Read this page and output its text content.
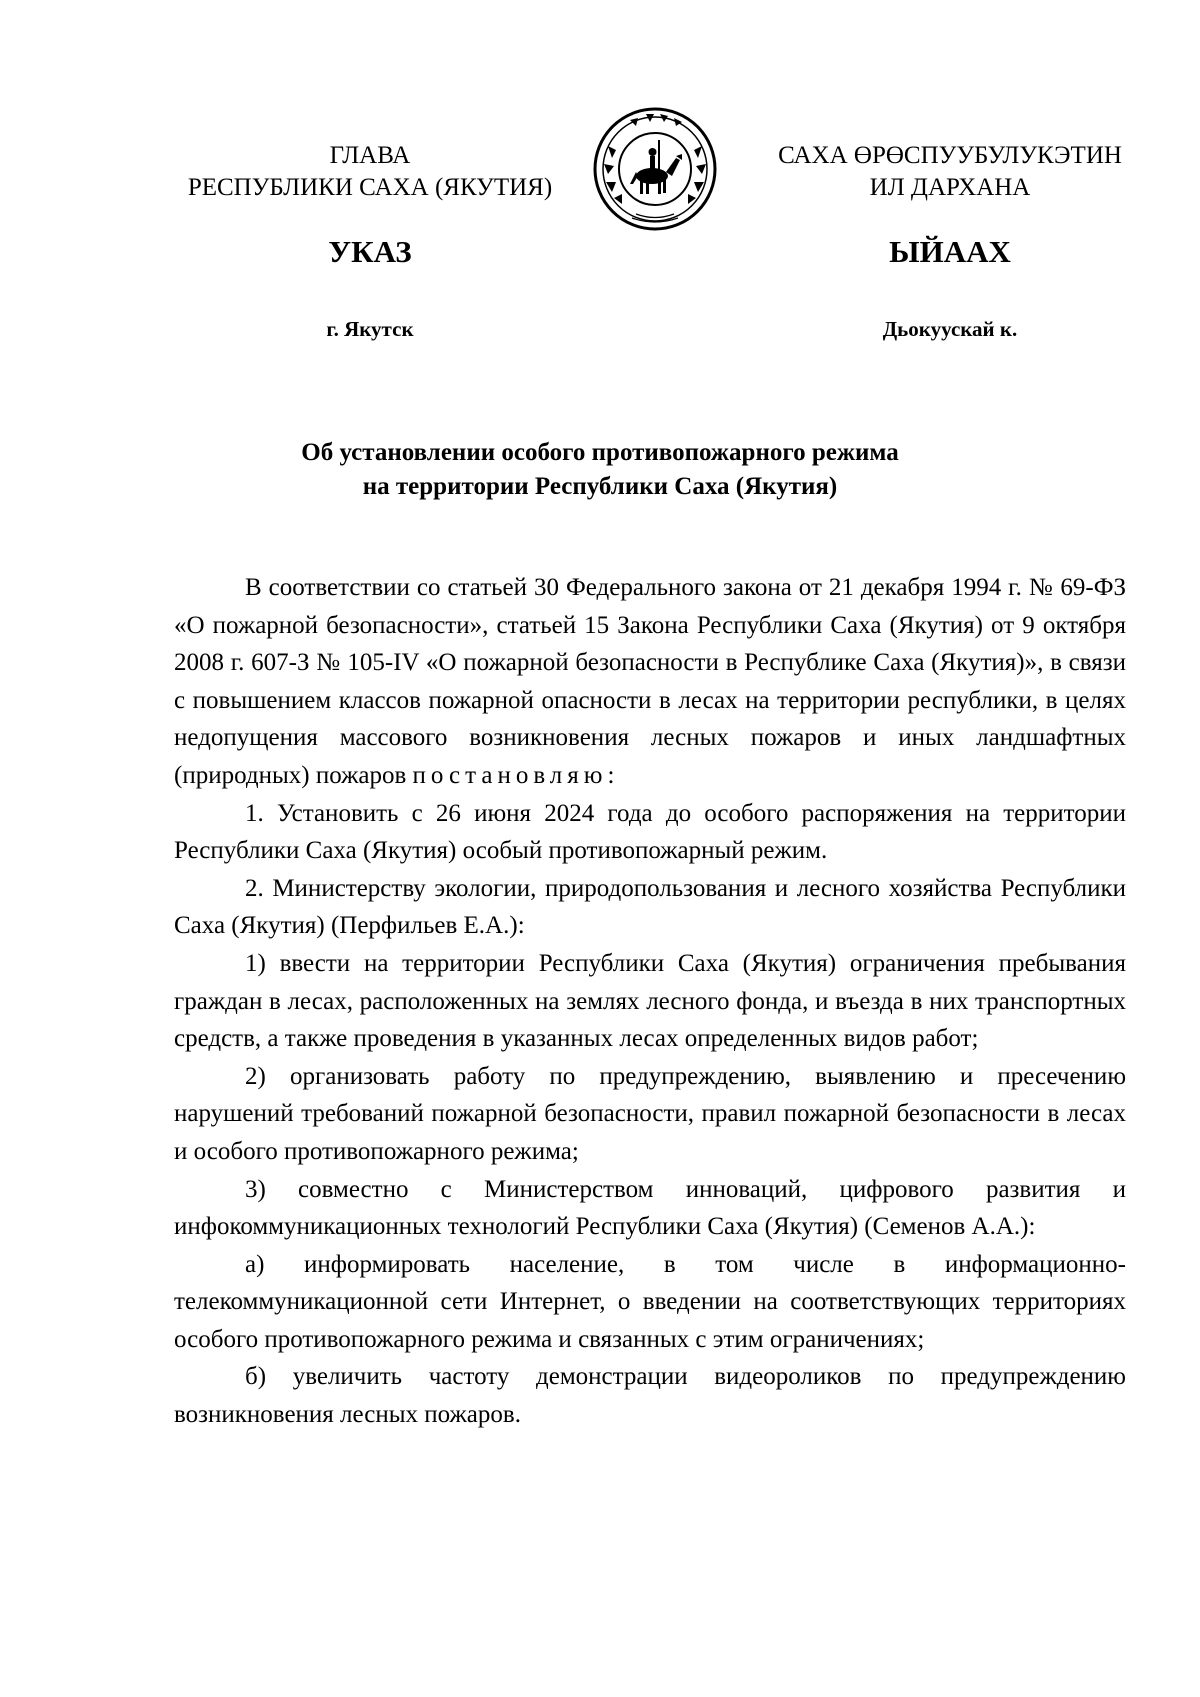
ГЛАВА
РЕСПУБЛИКИ САХА (ЯКУТИЯ)
САХА ӨРӨСПУУБУЛУКЭТИН
ИЛ ДАРХАНА
УКАЗ	ЫЙААХ
г. Якутск	Дьокуускай к.
Об установлении особого противопожарного режима
на территории Республики Саха (Якутия)

В соответствии со статьей 30 Федерального закона от 21 декабря 1994 г. № 69-ФЗ «О пожарной безопасности», статьей 15 Закона Республики Саха (Якутия) от 9 октября 2008 г. 607-З № 105-IV «О пожарной безопасности в Республике Саха (Якутия)», в связи с повышением классов пожарной опасности в лесах на территории республики, в целях недопущения массового возникновения лесных пожаров и иных ландшафтных (природных) пожаров постановляю:

1. Установить с 26 июня 2024 года до особого распоряжения на территории Республики Саха (Якутия) особый противопожарный режим.

2. Министерству экологии, природопользования и лесного хозяйства Республики Саха (Якутия) (Перфильев Е.А.):

1) ввести на территории Республики Саха (Якутия) ограничения пребывания граждан в лесах, расположенных на землях лесного фонда, и въезда в них транспортных средств, а также проведения в указанных лесах определенных видов работ;

2) организовать работу по предупреждению, выявлению и пресечению нарушений требований пожарной безопасности, правил пожарной безопасности в лесах и особого противопожарного режима;

3) совместно с Министерством инноваций, цифрового развития и инфокоммуникационных технологий Республики Саха (Якутия) (Семенов А.А.):

а) информировать население, в том числе в информационно-телекоммуникационной сети Интернет, о введении на соответствующих территориях особого противопожарного режима и связанных с этим ограничениях;

б) увеличить частоту демонстрации видеороликов по предупреждению возникновения лесных пожаров.
